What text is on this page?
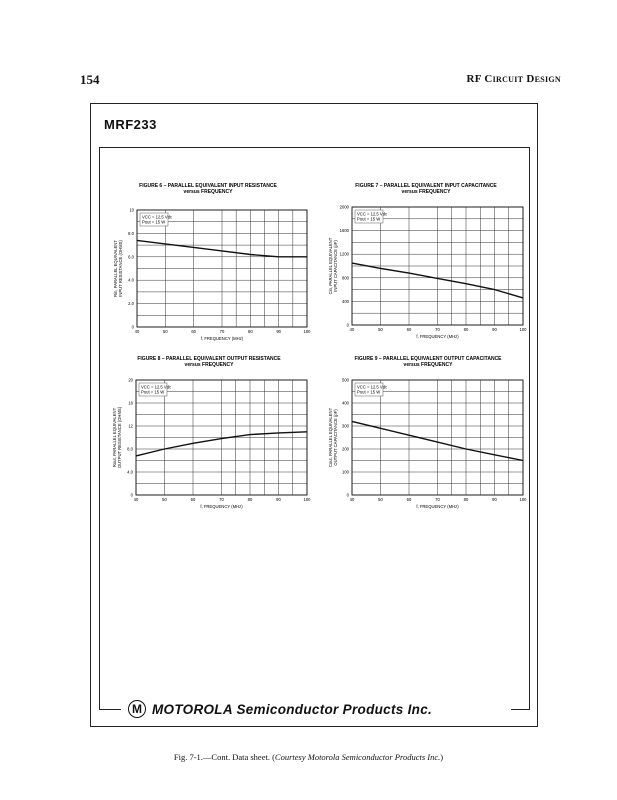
154	RF Circuit Design
MRF233
FIGURE 6 – PARALLEL EQUIVALENT INPUT RESISTANCE
versus FREQUENCY
VCC = 12.5 Vdc
Pout = 15 W
40	50	60	70	80	90	100
0
2.0
4.0
6.0
8.0
10
f, FREQUENCY (MHz)
Rin, PARALLEL EQUIVALENT INPUT RESISTANCE (OHMS)
FIGURE 7 – PARALLEL EQUIVALENT INPUT CAPACITANCE
versus FREQUENCY
VCC = 12.5 Vdc
Pout = 15 W
40	50	60	70	80	90	100
0
400
800
1200
1600
2000
f, FREQUENCY (MHz)
Cin, PARALLEL EQUIVALENT INPUT CAPACITANCE (pF)
FIGURE 8 – PARALLEL EQUIVALENT OUTPUT RESISTANCE
versus FREQUENCY
VCC = 12.5 Vdc
Pout = 15 W
40	50	60	70	80	90	100
0
4.0
8.0
12
16
20
f, FREQUENCY (MHz)
Rout, PARALLEL EQUIVALENT OUTPUT RESISTANCE (OHMS)
FIGURE 9 – PARALLEL EQUIVALENT OUTPUT CAPACITANCE
versus FREQUENCY
VCC = 12.5 Vdc
Pout = 15 W
40	50	60	70	80	90	100
0
100
200
300
400
500
f, FREQUENCY (MHz)
Cout, PARALLEL EQUIVALENT OUTPUT CAPACITANCE (pF)
M MOTOROLA Semiconductor Products Inc.
Fig. 7-1.—Cont. Data sheet. (Courtesy Motorola Semiconductor Products Inc.)
